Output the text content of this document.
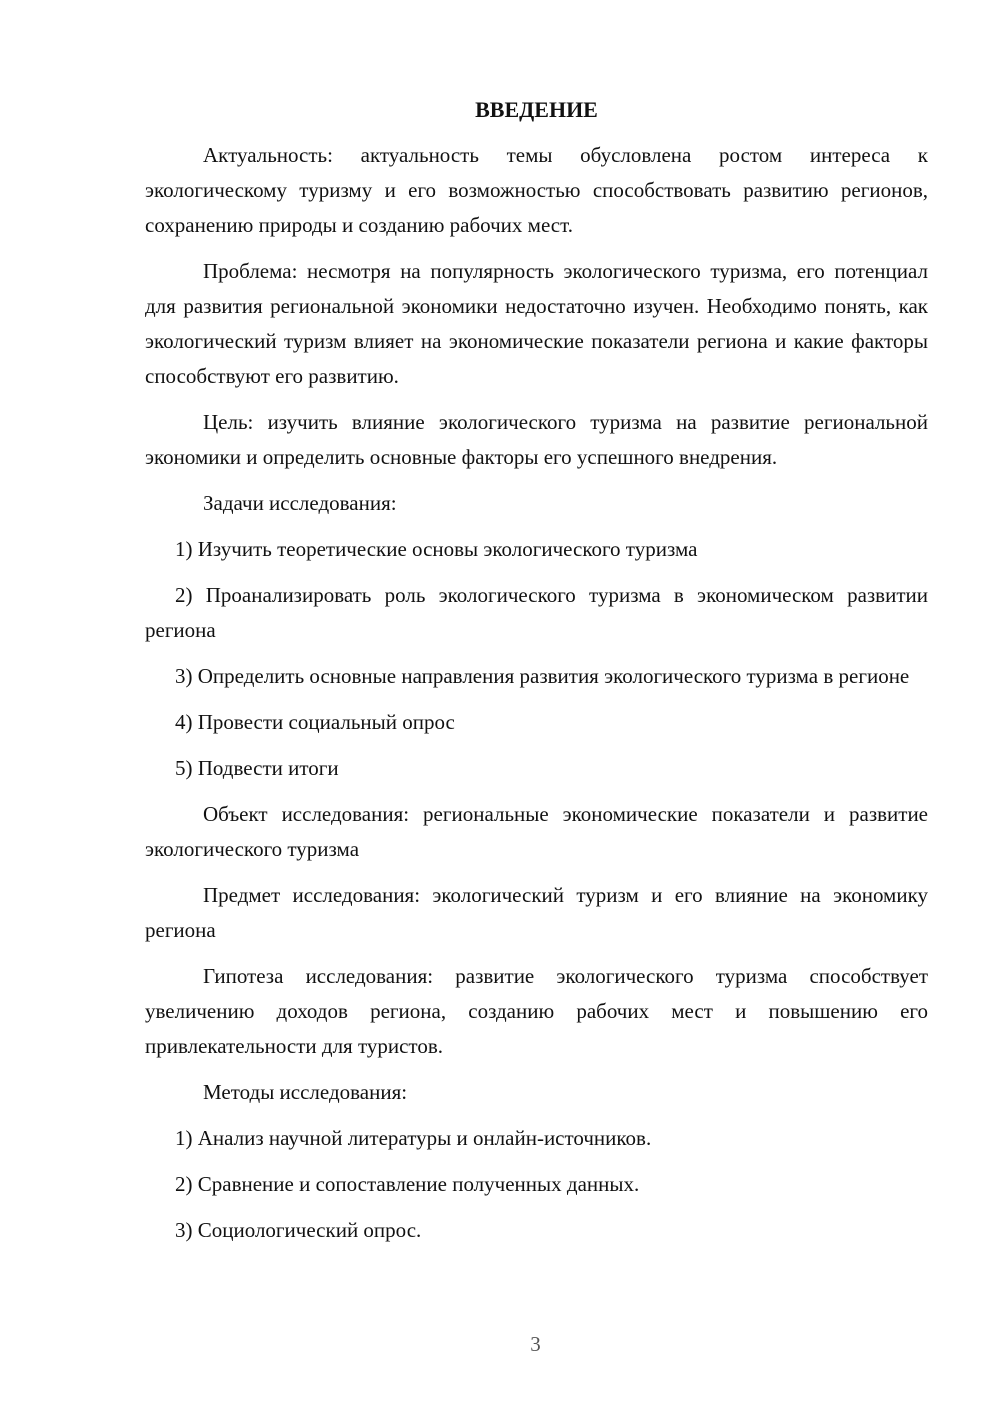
ВВЕДЕНИЕ

Актуальность: актуальность темы обусловлена ростом интереса к экологическому туризму и его возможностью способствовать развитию регионов, сохранению природы и созданию рабочих мест.

Проблема: несмотря на популярность экологического туризма, его потенциал для развития региональной экономики недостаточно изучен. Необходимо понять, как экологический туризм влияет на экономические показатели региона и какие факторы способствуют его развитию.

Цель: изучить влияние экологического туризма на развитие региональной экономики и определить основные факторы его успешного внедрения.

Задачи исследования:

1) Изучить теоретические основы экологического туризма

2) Проанализировать роль экологического туризма в экономическом развитии региона

3) Определить основные направления развития экологического туризма в регионе

4) Провести социальный опрос

5) Подвести итоги

Объект исследования: региональные экономические показатели и развитие экологического туризма

Предмет исследования: экологический туризм и его влияние на экономику региона

Гипотеза исследования: развитие экологического туризма способствует увеличению доходов региона, созданию рабочих мест и повышению его привлекательности для туристов.

Методы исследования:

1) Анализ научной литературы и онлайн-источников.

2) Сравнение и сопоставление полученных данных.

3) Социологический опрос.

3
